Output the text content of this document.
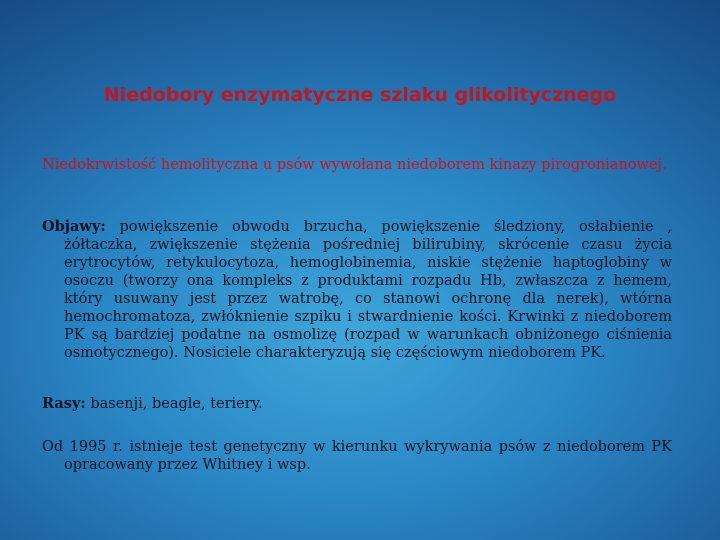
Niedobory enzymatyczne szlaku glikolitycznego
Niedokrwistość hemolityczna u psów wywołana niedoborem kinazy pirogronianowej.
Objawy: powiększenie obwodu brzucha, powiększenie śledziony, osłabienie , żółtaczka, zwiększenie stężenia pośredniej bilirubiny, skrócenie czasu życia erytrocytów, retykulocytoza, hemoglobinemia, niskie stężenie haptoglobiny w osoczu (tworzy ona kompleks z produktami rozpadu Hb, zwłaszcza z hemem, który usuwany jest przez watrobę, co stanowi ochronę dla nerek), wtórna hemochromatoza, zwłóknienie szpiku i stwardnienie kości. Krwinki z niedoborem PK są bardziej podatne na osmolizę (rozpad w warunkach obniżonego ciśnienia osmotycznego). Nosiciele charakteryzują się częściowym niedoborem PK.
Rasy: basenji, beagle, teriery.
Od 1995 r. istnieje test genetyczny w kierunku wykrywania psów z niedoborem PK opracowany przez Whitney i wsp.
